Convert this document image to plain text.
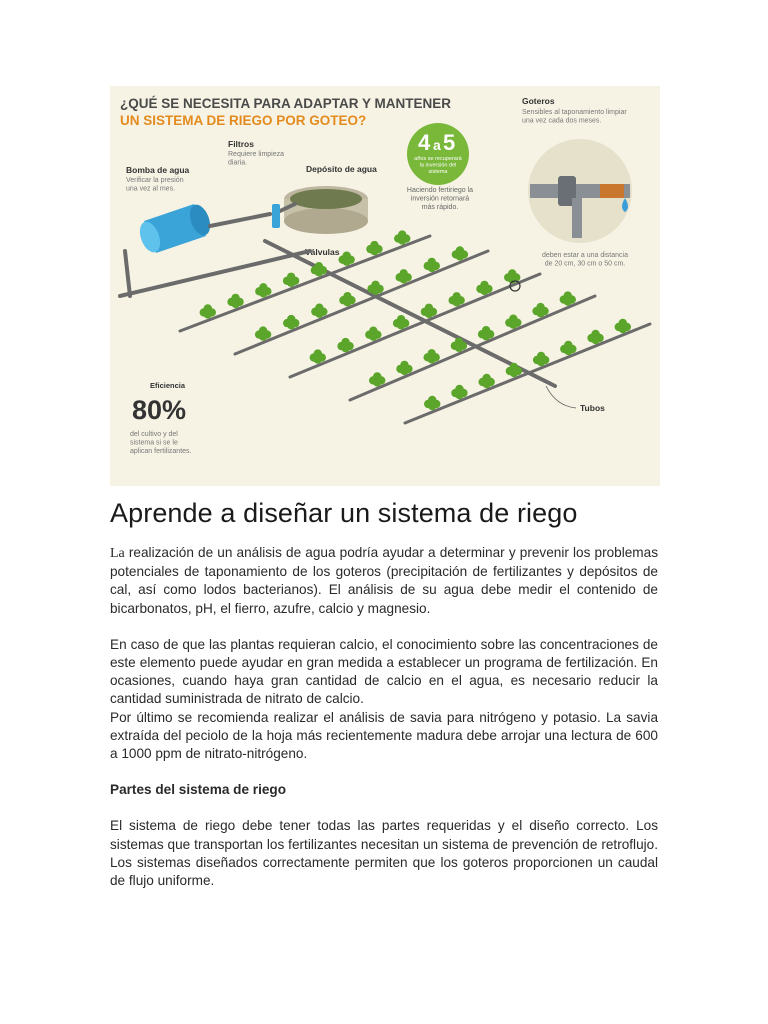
¿QUÉ SE NECESITA PARA ADAPTAR Y MANTENER
UN SISTEMA DE RIEGO POR GOTEO?
4 a 5
años se recuperará la inversión del sistema
Haciendo fertiriego la inversión retornará más rápido.
Bomba de agua
Verificar la presión una vez al mes.
Filtros
Requiere limpieza diaria.
Depósito de agua
Válvulas
Goteros
Sensibles al taponamiento limpiar una vez cada dos meses.
deben estar a una distancia de 20 cm, 30 cm o 50 cm.
Eficiencia
80%
del cultivo y del sistema si se le aplican fertilizantes.
Tubos
Aprende a diseñar un sistema de riego

La realización de un análisis de agua podría ayudar a determinar y prevenir los problemas potenciales de taponamiento de los goteros (precipitación de fertilizantes y depósitos de cal, así como lodos bacterianos). El análisis de su agua debe medir el contenido de bicarbonatos, pH, el fierro, azufre, calcio y magnesio.

En caso de que las plantas requieran calcio, el conocimiento sobre las concentraciones de este elemento puede ayudar en gran medida a establecer un programa de fertilización. En ocasiones, cuando haya gran cantidad de calcio en el agua, es necesario reducir la cantidad suministrada de nitrato de calcio.

Por último se recomienda realizar el análisis de savia para nitrógeno y potasio. La savia extraída del peciolo de la hoja más recientemente madura debe arrojar una lectura de 600 a 1000 ppm de nitrato-nitrógeno.

Partes del sistema de riego

El sistema de riego debe tener todas las partes requeridas y el diseño correcto. Los sistemas que transportan los fertilizantes necesitan un sistema de prevención de retroflujo. Los sistemas diseñados correctamente permiten que los goteros proporcionen un caudal de flujo uniforme.
